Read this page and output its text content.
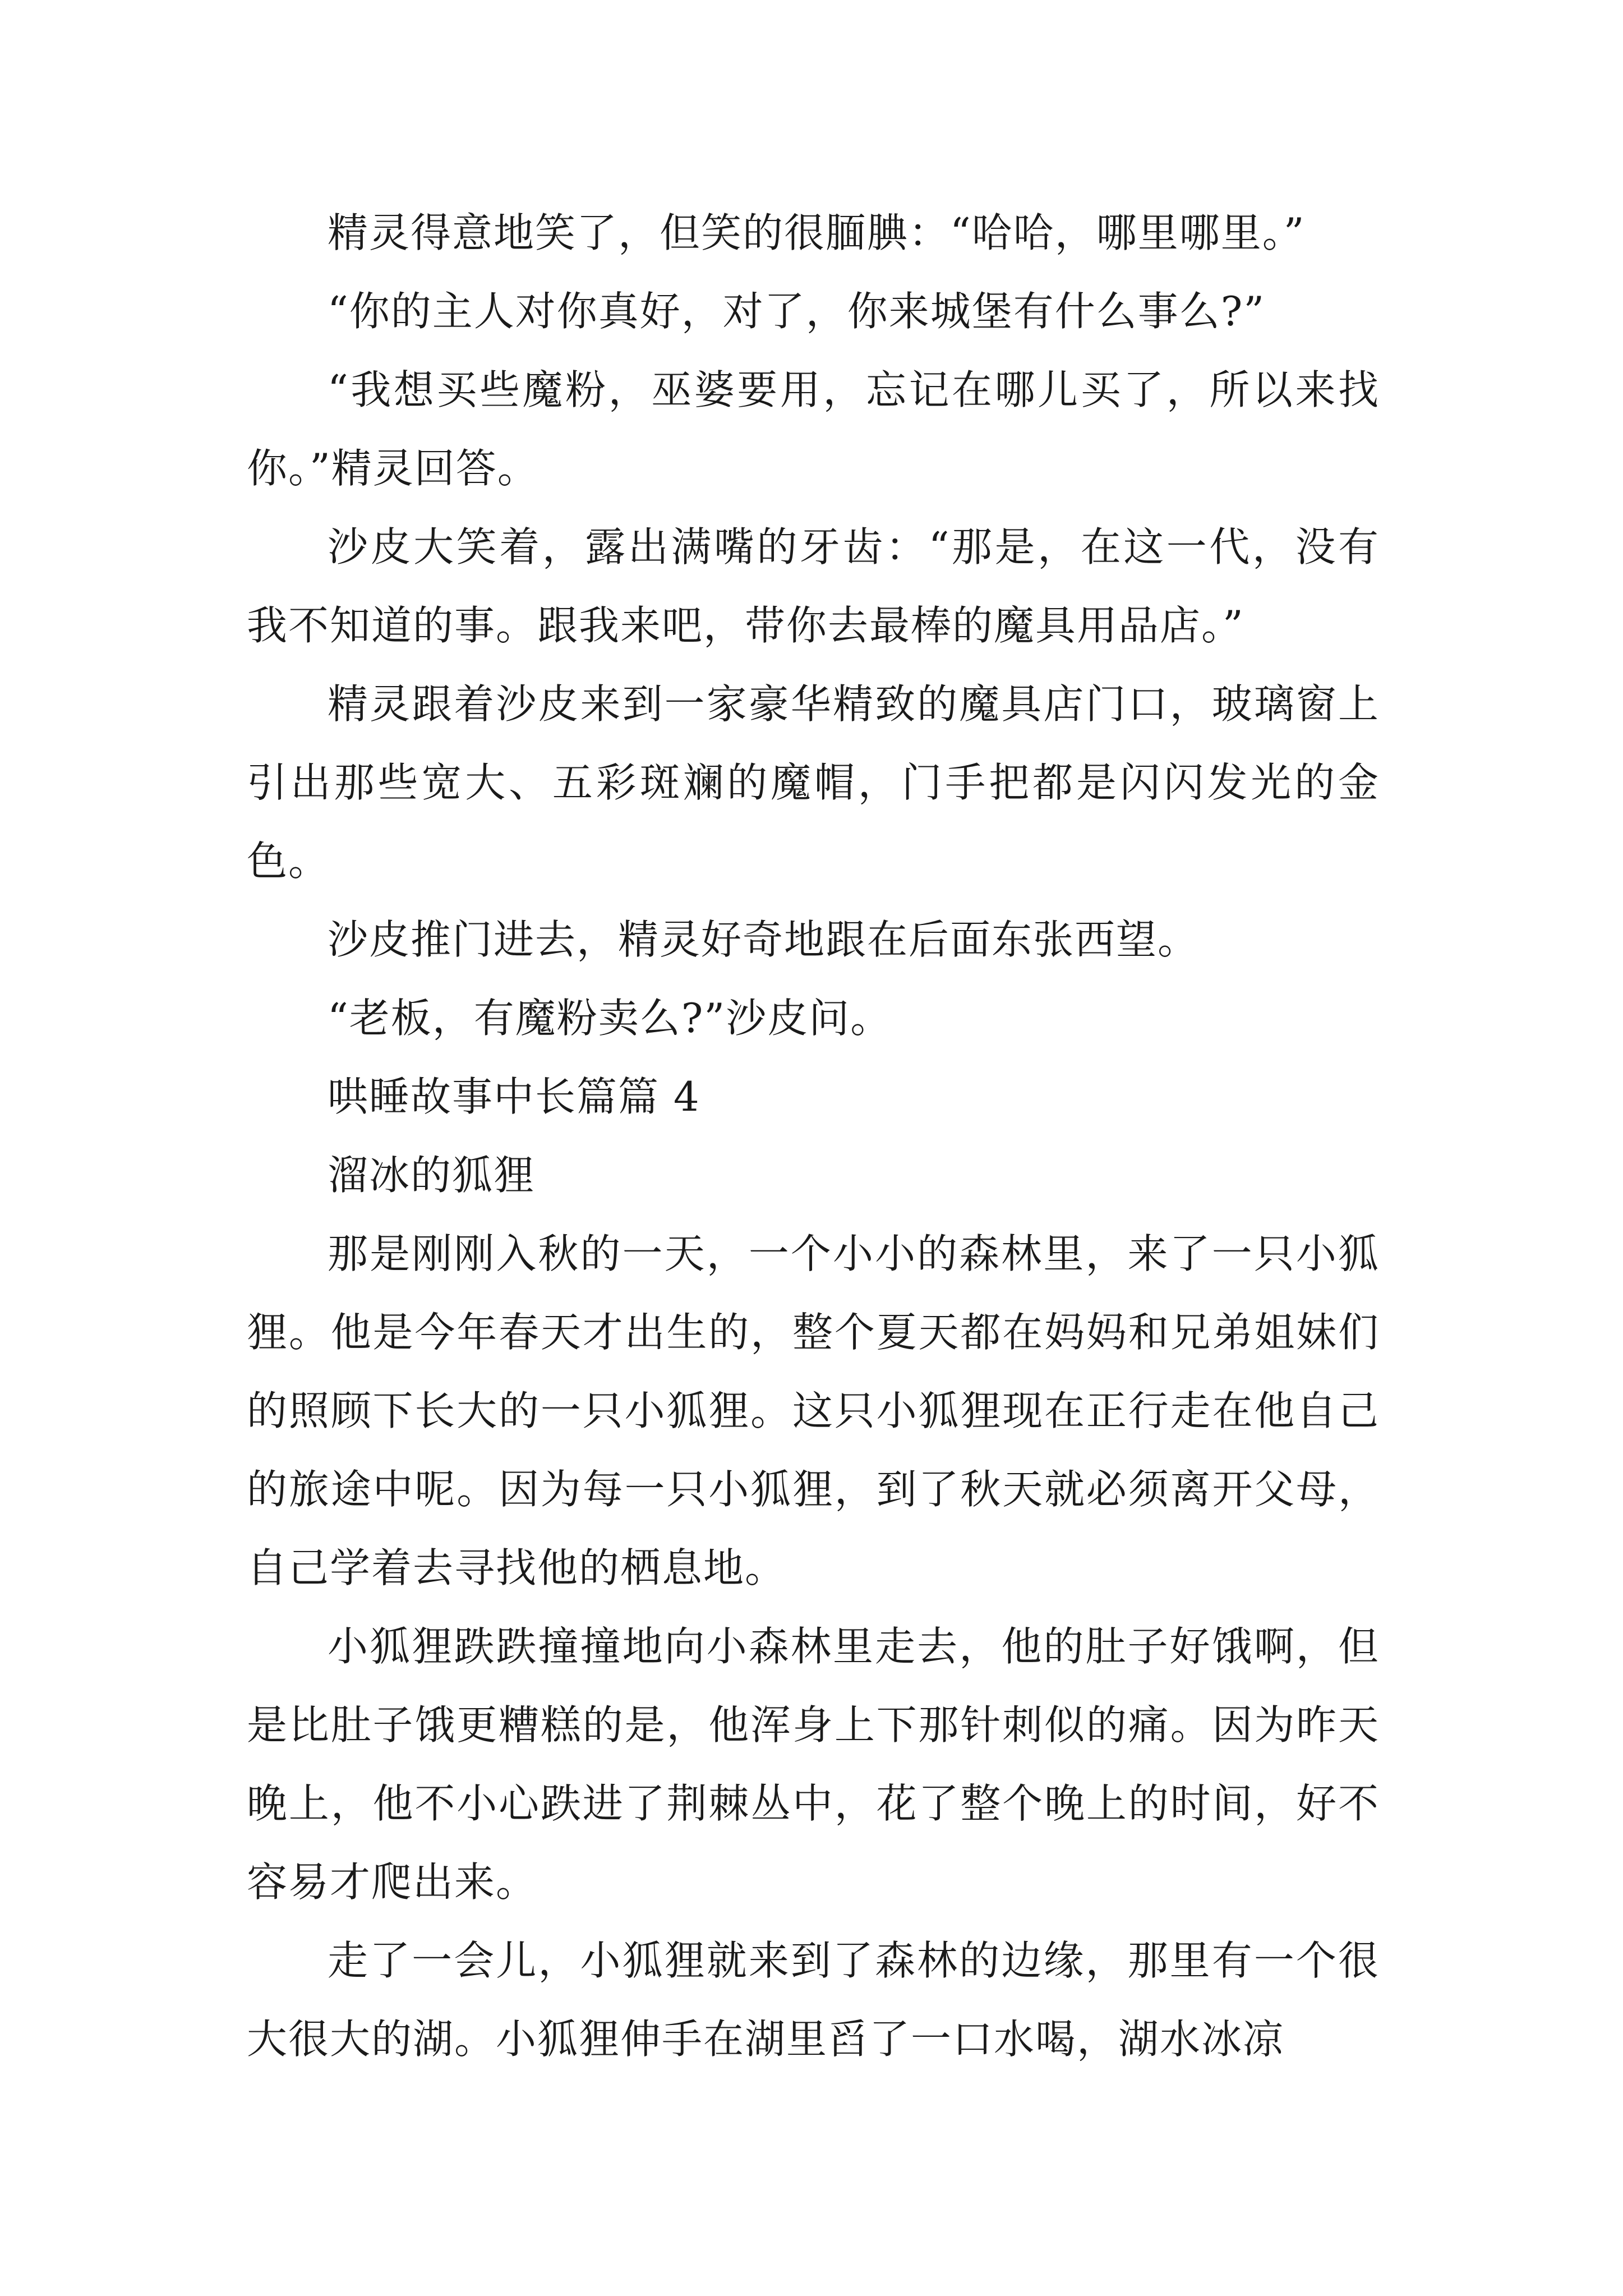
精灵得意地笑了，但笑的很腼腆：“哈哈，哪里哪里。”

“你的主人对你真好，对了，你来城堡有什么事么?”

“我想买些魔粉，巫婆要用，忘记在哪儿买了，所以来找你。”精灵回答。

沙皮大笑着，露出满嘴的牙齿：“那是，在这一代，没有我不知道的事。跟我来吧，带你去最棒的魔具用品店。”

精灵跟着沙皮来到一家豪华精致的魔具店门口，玻璃窗上引出那些宽大、五彩斑斓的魔帽，门手把都是闪闪发光的金色。

沙皮推门进去，精灵好奇地跟在后面东张西望。

“老板，有魔粉卖么?”沙皮问。

哄睡故事中长篇篇 4

溜冰的狐狸

那是刚刚入秋的一天，一个小小的森林里，来了一只小狐狸。他是今年春天才出生的，整个夏天都在妈妈和兄弟姐妹们的照顾下长大的一只小狐狸。这只小狐狸现在正行走在他自己的旅途中呢。因为每一只小狐狸，到了秋天就必须离开父母，自己学着去寻找他的栖息地。

小狐狸跌跌撞撞地向小森林里走去，他的肚子好饿啊，但是比肚子饿更糟糕的是，他浑身上下那针刺似的痛。因为昨天晚上，他不小心跌进了荆棘丛中，花了整个晚上的时间，好不容易才爬出来。

走了一会儿，小狐狸就来到了森林的边缘，那里有一个很大很大的湖。小狐狸伸手在湖里舀了一口水喝，湖水冰凉
